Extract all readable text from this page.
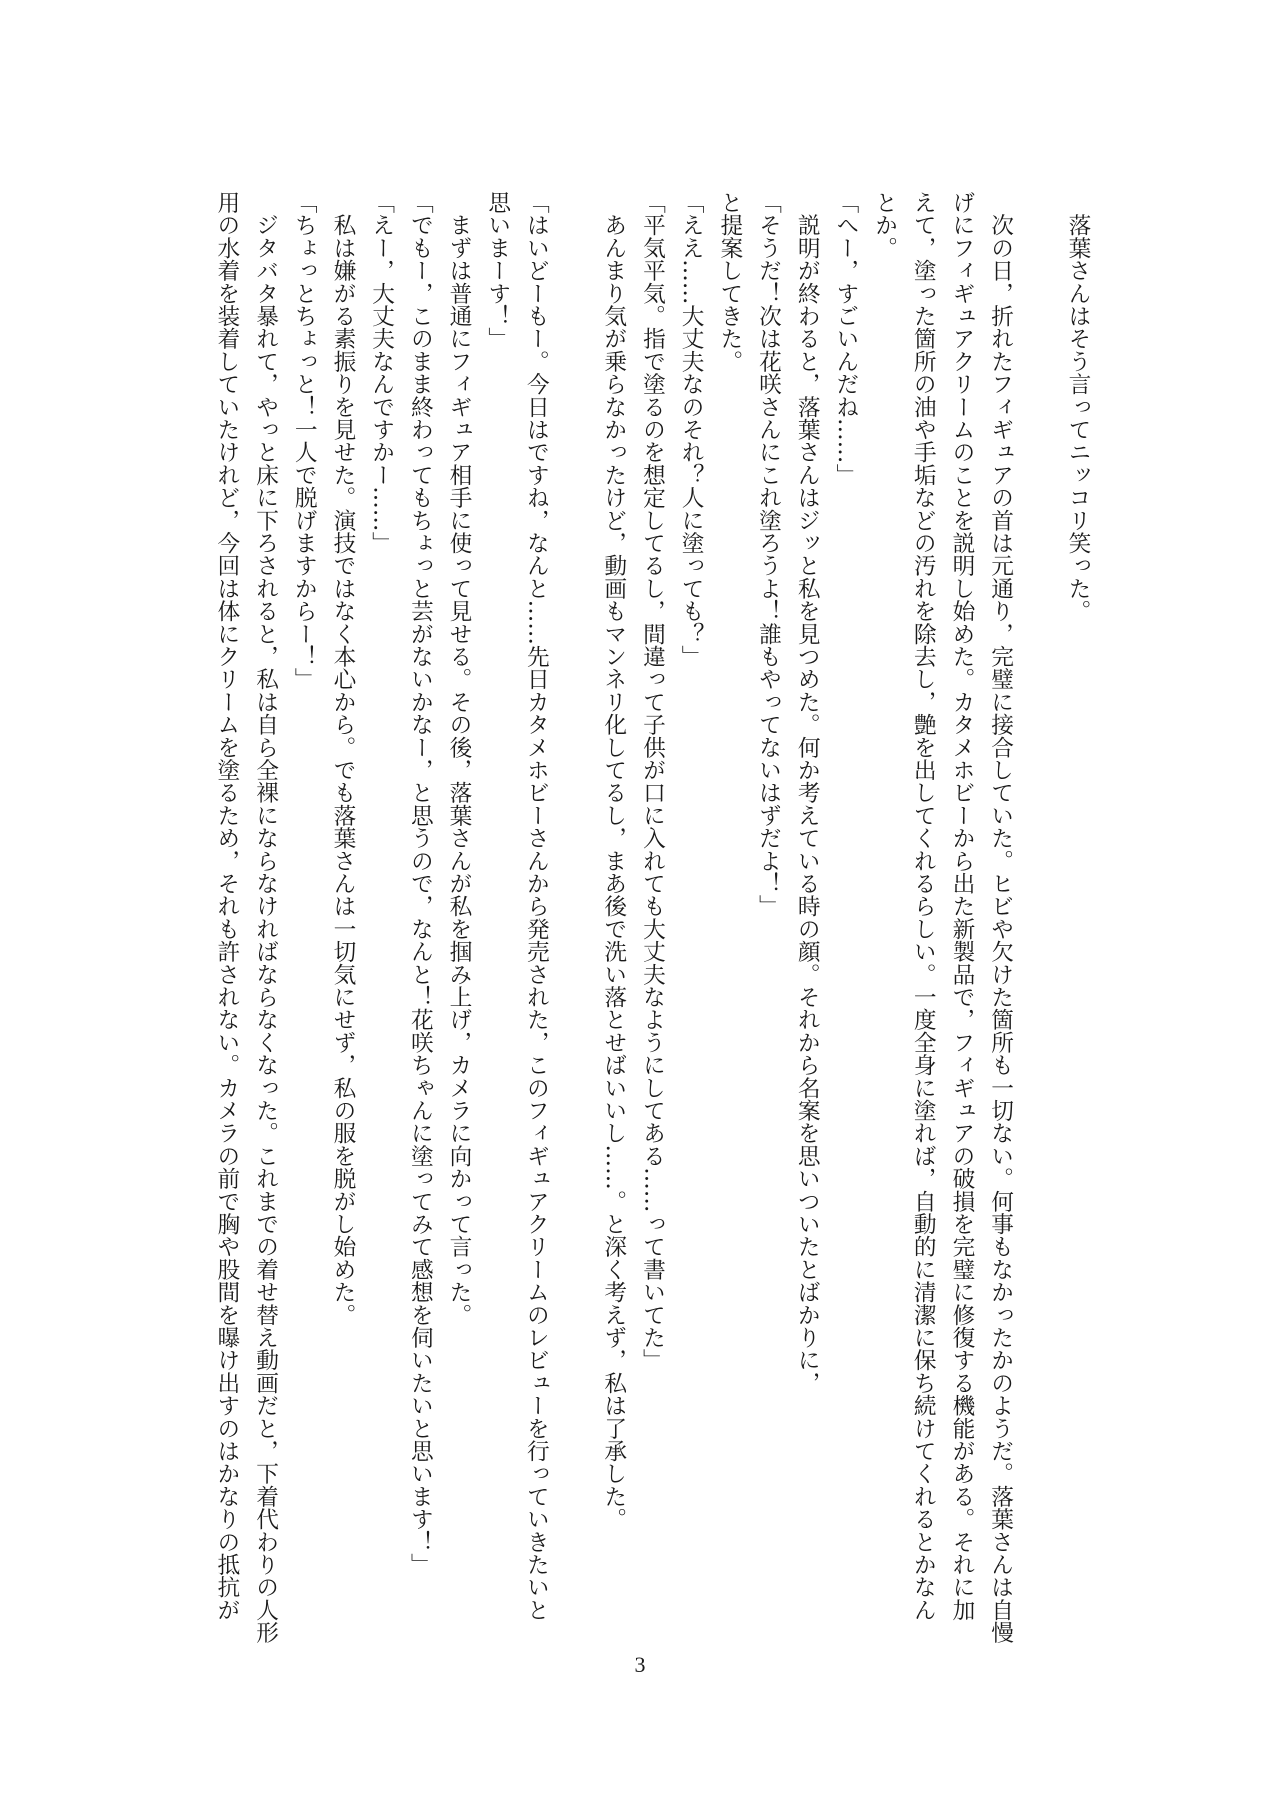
　落葉さんはそう言ってニッコリ笑った。
　次の日，折れたフィギュアの首は元通り，完璧に接合していた。ヒビや欠けた箇所も一切ない。何事もなかったかのようだ。落葉さんは自慢
げにフィギュアクリームのことを説明し始めた。カタメホビーから出た新製品で，フィギュアの破損を完璧に修復する機能がある。それに加
えて，塗った箇所の油や手垢などの汚れを除去し，艶を出してくれるらしい。一度全身に塗れば，自動的に清潔に保ち続けてくれるとかなん
とか。
「へー，すごいんだね……」
　説明が終わると，落葉さんはジッと私を見つめた。何か考えている時の顔。それから名案を思いついたとばかりに，
「そうだ！次は花咲さんにこれ塗ろうよ！誰もやってないはずだよ！」
と提案してきた。
「ええ……大丈夫なのそれ？人に塗っても？」
「平気平気。指で塗るのを想定してるし，間違って子供が口に入れても大丈夫なようにしてある……って書いてた」
　あんまり気が乗らなかったけど，動画もマンネリ化してるし，まあ後で洗い落とせばいいし……。と深く考えず，私は了承した。
「はいどーもー。今日はですね，なんと……先日カタメホビーさんから発売された，このフィギュアクリームのレビューを行っていきたいと
思いまーす！」
　まずは普通にフィギュア相手に使って見せる。その後，落葉さんが私を掴み上げ，カメラに向かって言った。
「でもー，このまま終わってもちょっと芸がないかなー，と思うので，なんと！花咲ちゃんに塗ってみて感想を伺いたいと思います！」
「えー，大丈夫なんですかー……」
　私は嫌がる素振りを見せた。演技ではなく本心から。でも落葉さんは一切気にせず，私の服を脱がし始めた。
「ちょっとちょっと！一人で脱げますからー！」
　ジタバタ暴れて，やっと床に下ろされると，私は自ら全裸にならなければならなくなった。これまでの着せ替え動画だと，下着代わりの人形
用の水着を装着していたけれど，今回は体にクリームを塗るため，それも許されない。カメラの前で胸や股間を曝け出すのはかなりの抵抗が
3
